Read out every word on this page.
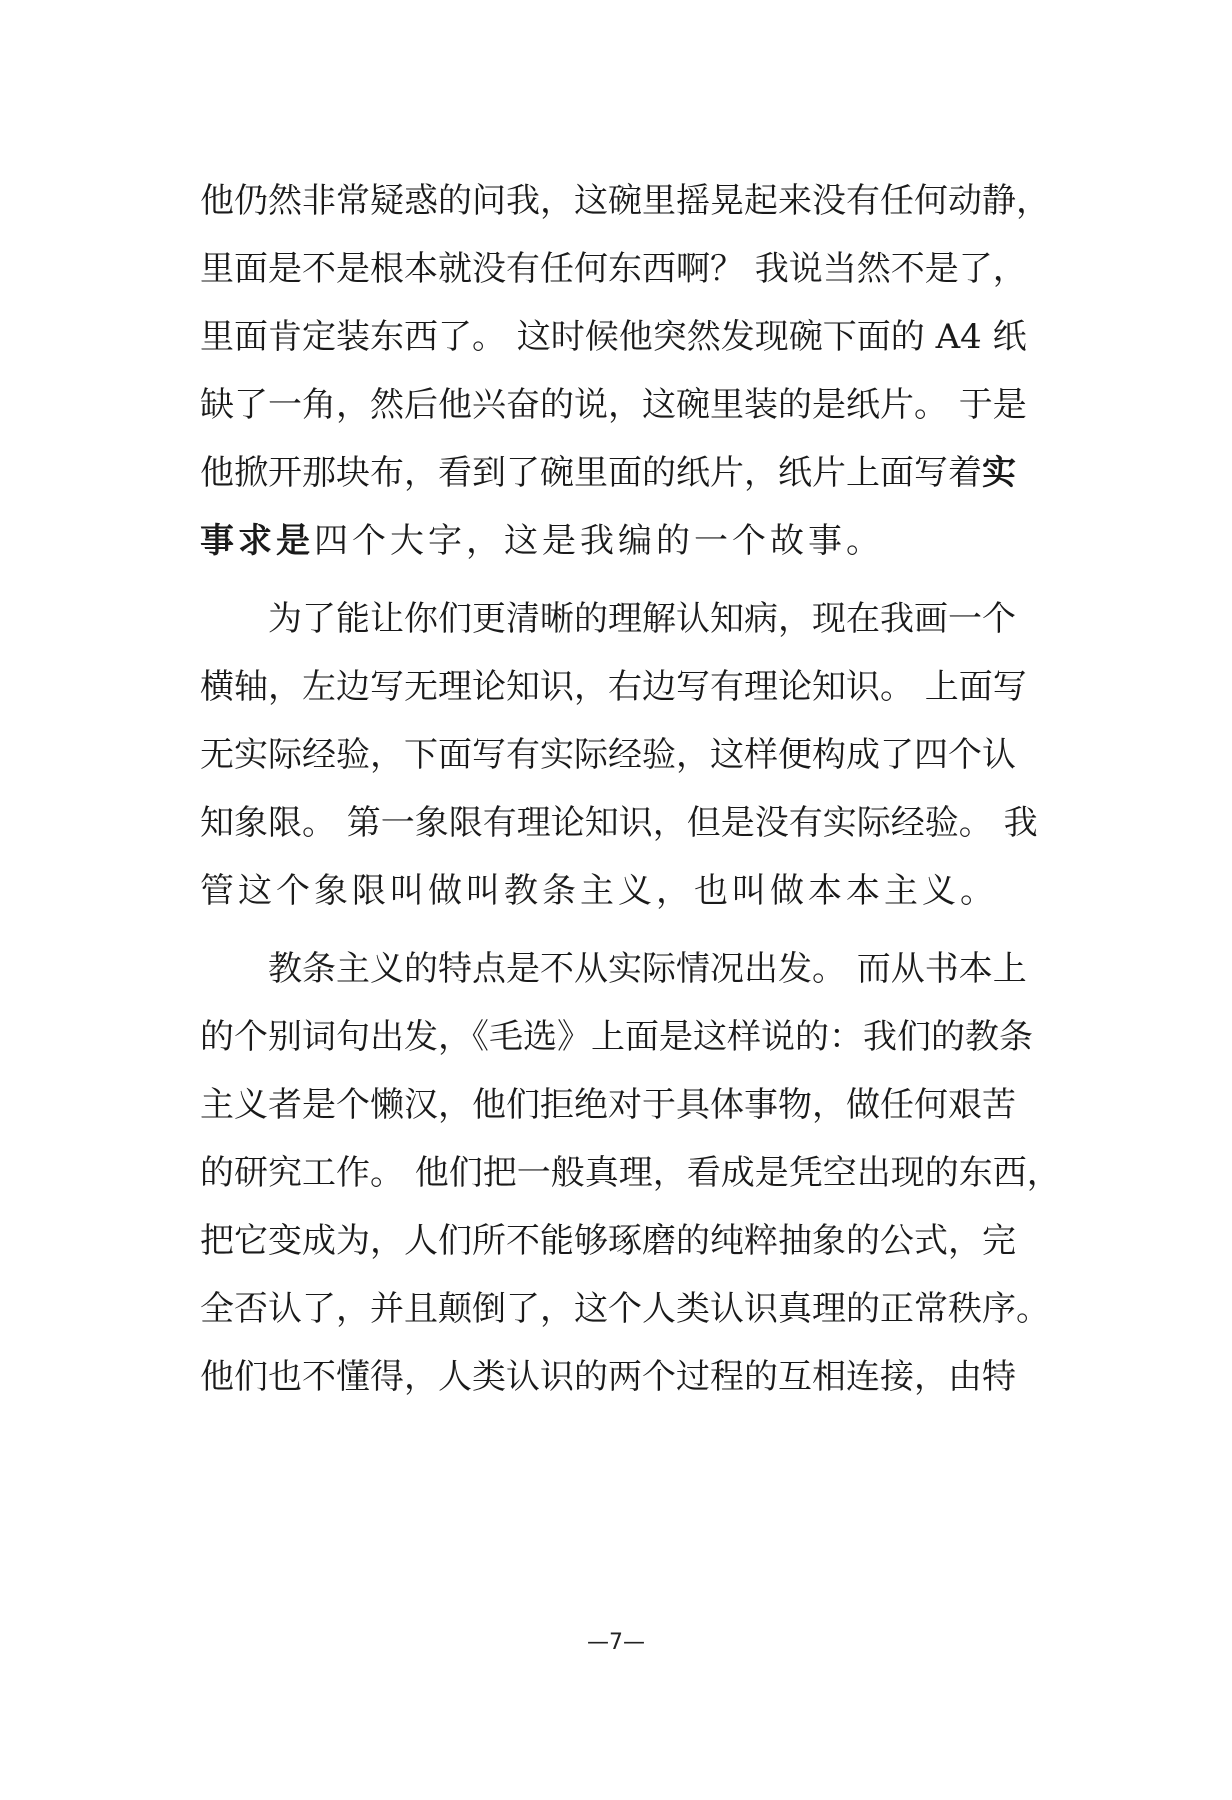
他仍然非常疑惑的问我，这碗里摇晃起来没有任何动静，
里面是不是根本就没有任何东西啊？ 我说当然不是了，
里面肯定装东西了。 这时候他突然发现碗下面的 A4 纸
缺了一角，然后他兴奋的说，这碗里装的是纸片。 于是
他掀开那块布，看到了碗里面的纸片，纸片上面写着实
事求是四个大字，这是我编的一个故事。
为了能让你们更清晰的理解认知病，现在我画一个
横轴，左边写无理论知识，右边写有理论知识。 上面写
无实际经验，下面写有实际经验，这样便构成了四个认
知象限。 第一象限有理论知识，但是没有实际经验。 我
管这个象限叫做叫教条主义，也叫做本本主义。
教条主义的特点是不从实际情况出发。 而从书本上
的个别词句出发，《毛选》上面是这样说的：我们的教条
主义者是个懒汉，他们拒绝对于具体事物，做任何艰苦
的研究工作。 他们把一般真理，看成是凭空出现的东西，
把它变成为，人们所不能够琢磨的纯粹抽象的公式，完
全否认了，并且颠倒了，这个人类认识真理的正常秩序。
他们也不懂得，人类认识的两个过程的互相连接，由特
—7—
